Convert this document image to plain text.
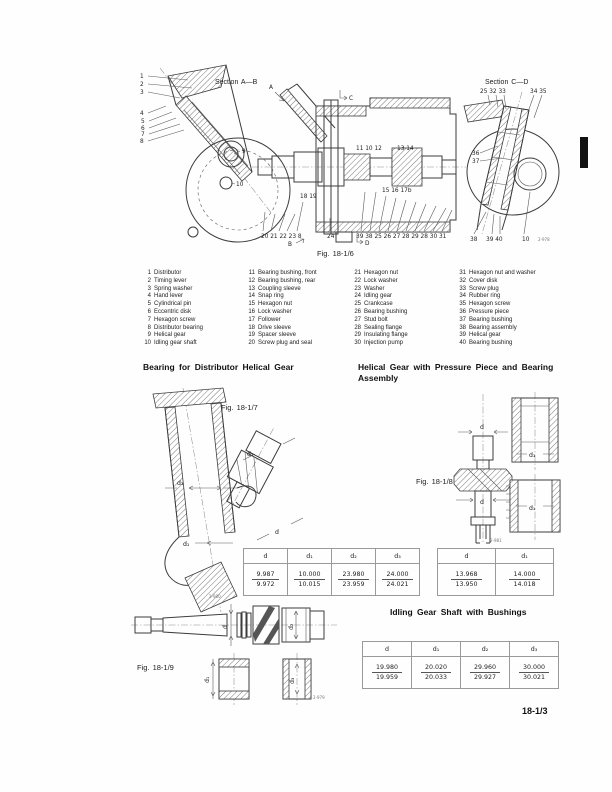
1
2
3
4
5
6
7
8
9
10
A
C
11 10 12	13 14
15 16 17b
18 19
20 21 22 23 8	24	39 38 25 26 27 28 29 28 30 31
B	D
25 32 33	34 35
36
37
38 39 40	10 2-978
Section A—B	Section C—D
Fig. 18-1/6
1 Distributor
2 Timing lever
3 Spring washer
4 Hand lever
5 Cylindrical pin
6 Eccentric disk
7 Hexagon screw
8 Distributor bearing
9 Helical gear
10 Idling gear shaft
11 Bearing bushing, front
12 Bearing bushing, rear
13 Coupling sleeve
14 Snap ring
15 Hexagon nut
16 Lock washer
17 Follower
18 Drive sleeve
19 Spacer sleeve
20 Screw plug and seal
21 Hexagon nut
22 Lock washer
23 Washer
24 Idling gear
25 Crankcase
26 Bearing bushing
27 Stud bolt
28 Sealing flange
29 Insulating flange
30 Injection pump
31 Hexagon nut and washer
32 Cover disk
33 Screw plug
34 Rubber ring
35 Hexagon screw
36 Pressure piece
37 Bearing bushing
38 Bearing assembly
39 Helical gear
40 Bearing bushing
Bearing for Distributor Helical Gear	Helical Gear with Pressure Piece and Bearing Assembly
d₃
d₁
2-980
d₂
d
Fig. 18-1/7
d
d
2-981
d₁
d₁
Fig. 18-1/8
d	d₁	d₂	d₃

$\frac{9.987}{9.972}$	$\frac{10.000}{10.015}$	$\frac{23.980}{23.959}$	$\frac{24.000}{24.021}$
d	d₁

$\frac{13.968}{13.950}$	$\frac{14.000}{14.018}$
Idling Gear Shaft with Bushings
d	d₁	d₂	d₃

$\frac{19.980}{19.959}$	$\frac{20.020}{20.033}$	$\frac{29.960}{29.927}$	$\frac{30.000}{30.021}$
d	d₂
d₁	d₃
2-979
Fig. 18-1/9
18-1/3
